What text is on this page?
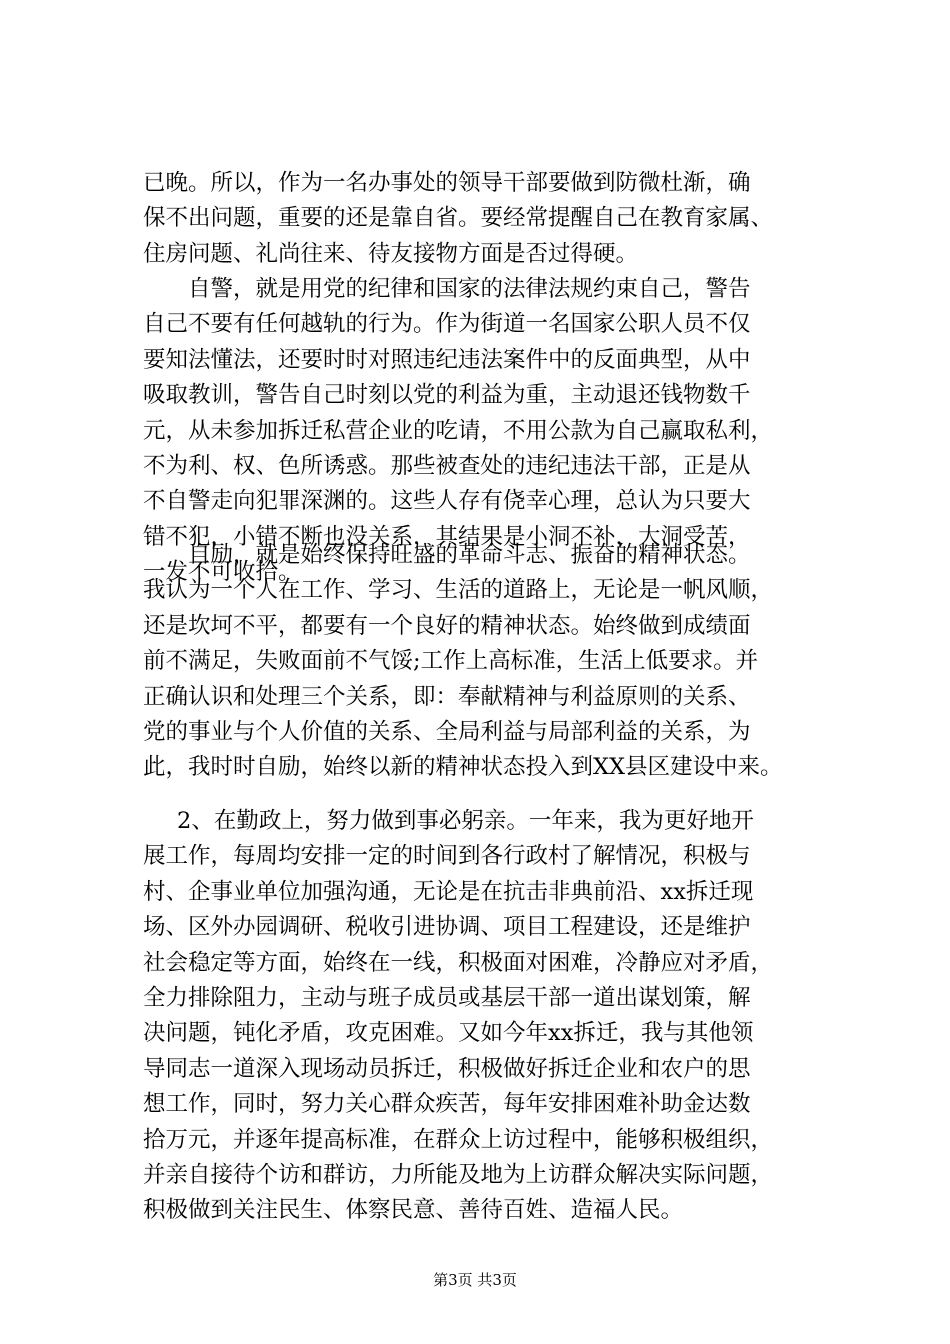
已晚。所以，作为一名办事处的领导干部要做到防微杜渐，确
保不出问题，重要的还是靠自省。要经常提醒自己在教育家属、
住房问题、礼尚往来、待友接物方面是否过得硬。
自警，就是用党的纪律和国家的法律法规约束自己，警告
自己不要有任何越轨的行为。作为街道一名国家公职人员不仅
要知法懂法，还要时时对照违纪违法案件中的反面典型，从中
吸取教训，警告自己时刻以党的利益为重，主动退还钱物数千
元，从未参加拆迁私营企业的吃请，不用公款为自己赢取私利，
不为利、权、色所诱惑。那些被查处的违纪违法干部，正是从
不自警走向犯罪深渊的。这些人存有侥幸心理，总认为只要大
错不犯，小错不断也没关系，其结果是小洞不补，大洞受苦，
一发不可收拾。
自励，就是始终保持旺盛的革命斗志、振奋的精神状态。
我认为一个人在工作、学习、生活的道路上，无论是一帆风顺，
还是坎坷不平，都要有一个良好的精神状态。始终做到成绩面
前不满足，失败面前不气馁;工作上高标准，生活上低要求。并
正确认识和处理三个关系，即：奉献精神与利益原则的关系、
党的事业与个人价值的关系、全局利益与局部利益的关系，为
此，我时时自励，始终以新的精神状态投入到XX县区建设中来。
2、在勤政上，努力做到事必躬亲。一年来，我为更好地开
展工作，每周均安排一定的时间到各行政村了解情况，积极与
村、企事业单位加强沟通，无论是在抗击非典前沿、xx拆迁现
场、区外办园调研、税收引进协调、项目工程建设，还是维护
社会稳定等方面，始终在一线，积极面对困难，冷静应对矛盾，
全力排除阻力，主动与班子成员或基层干部一道出谋划策，解
决问题，钝化矛盾，攻克困难。又如今年xx拆迁，我与其他领
导同志一道深入现场动员拆迁，积极做好拆迁企业和农户的思
想工作，同时，努力关心群众疾苦，每年安排困难补助金达数
拾万元，并逐年提高标准，在群众上访过程中，能够积极组织，
并亲自接待个访和群访，力所能及地为上访群众解决实际问题，
积极做到关注民生、体察民意、善待百姓、造福人民。
第3页 共3页
